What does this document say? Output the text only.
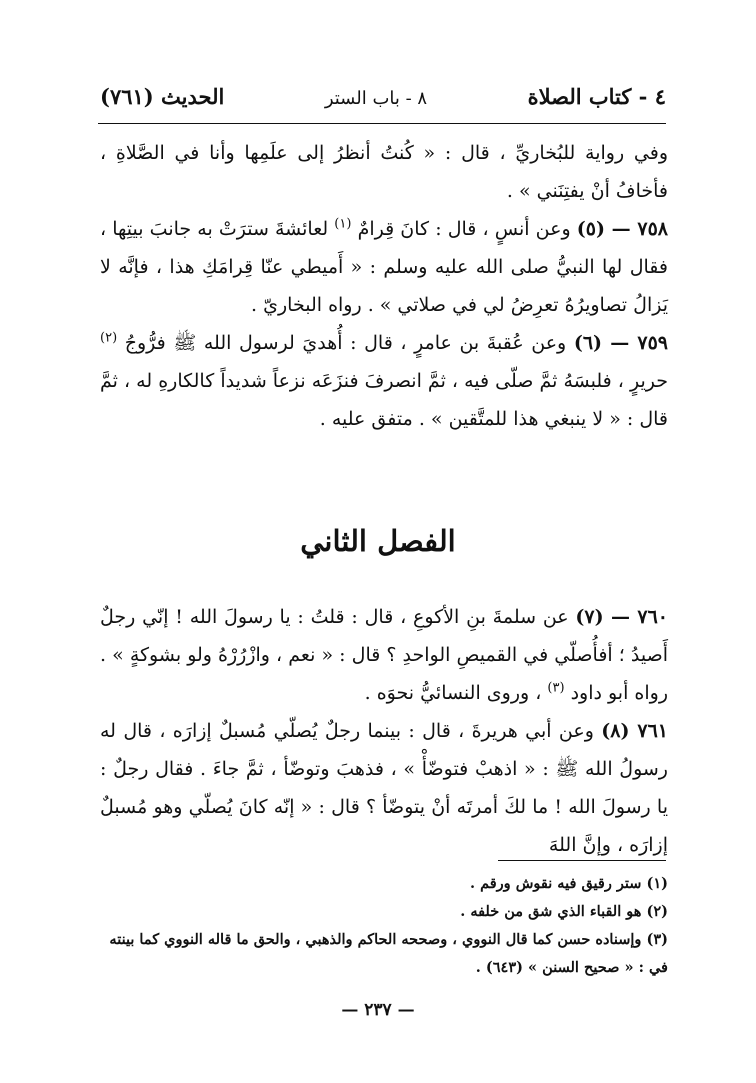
٤ - كتاب الصلاة
٨ - باب الستر
الحديث (٧٦١)

وفي رواية للبُخاريِّ ، قال : « كُنتُ أنظرُ إلى علَمِها وأنا في الصَّلاةِ ، فأخافُ أنْ يفتِنَني » .

٧٥٨ — (٥) وعن أنسٍ ، قال : كانَ قِرامٌ $^{(١)}$ لعائشةَ سترَتْ به جانبَ بيتِها ، فقال لها النبيُّ صلى الله عليه وسلم : « أَميطي عنّا قِرامَكِ هذا ، فإنَّه لا يَزالُ تصاويرُهُ تعرِضُ لي في صلاتي » . رواه البخاريّ .

٧٥٩ — (٦) وعن عُقبةَ بن عامرٍ ، قال : أُهديَ لرسول الله ﷺ فرُّوجُ $^{(٢)}$ حريرٍ ، فلبسَهُ ثمَّ صلّى فيه ، ثمَّ انصرفَ فنزَعَه نزعاً شديداً كالكارهِ له ، ثمَّ قال : « لا ينبغي هذا للمتَّقين » . متفق عليه .

الفصل الثاني

٧٦٠ — (٧) عن سلمةَ بنِ الأكوعِ ، قال : قلتُ : يا رسولَ الله ! إنّي رجلٌ أَصيدُ ؛ أفأُصلّي في القميصِ الواحدِ ؟ قال : « نعم ، وازْرُرْهُ ولو بشوكةٍ » . رواه أبو داود $^{(٣)}$ ، وروى النسائيُّ نحوَه .

٧٦١ (٨) وعن أبي هريرةَ ، قال : بينما رجلٌ يُصلّي مُسبلٌ إزارَه ، قال له رسولُ الله ﷺ : « اذهبْ فتوضّأْ » ، فذهبَ وتوضّأ ، ثمَّ جاءَ . فقال رجلٌ : يا رسولَ الله ! ما لكَ أمرتَه أنْ يتوضّأ ؟ قال : « إنّه كانَ يُصلّي وهو مُسبلٌ إزارَه ، وإنَّ اللهَ

(١) ستر رقيق فيه نقوش ورقم .

(٢) هو القباء الذي شق من خلفه .

(٣) وإسناده حسن كما قال النووي ، وصححه الحاكم والذهبي ، والحق ما قاله النووي كما بينته في : « صحيح السنن » (٦٤٣) .

— ٢٣٧ —
